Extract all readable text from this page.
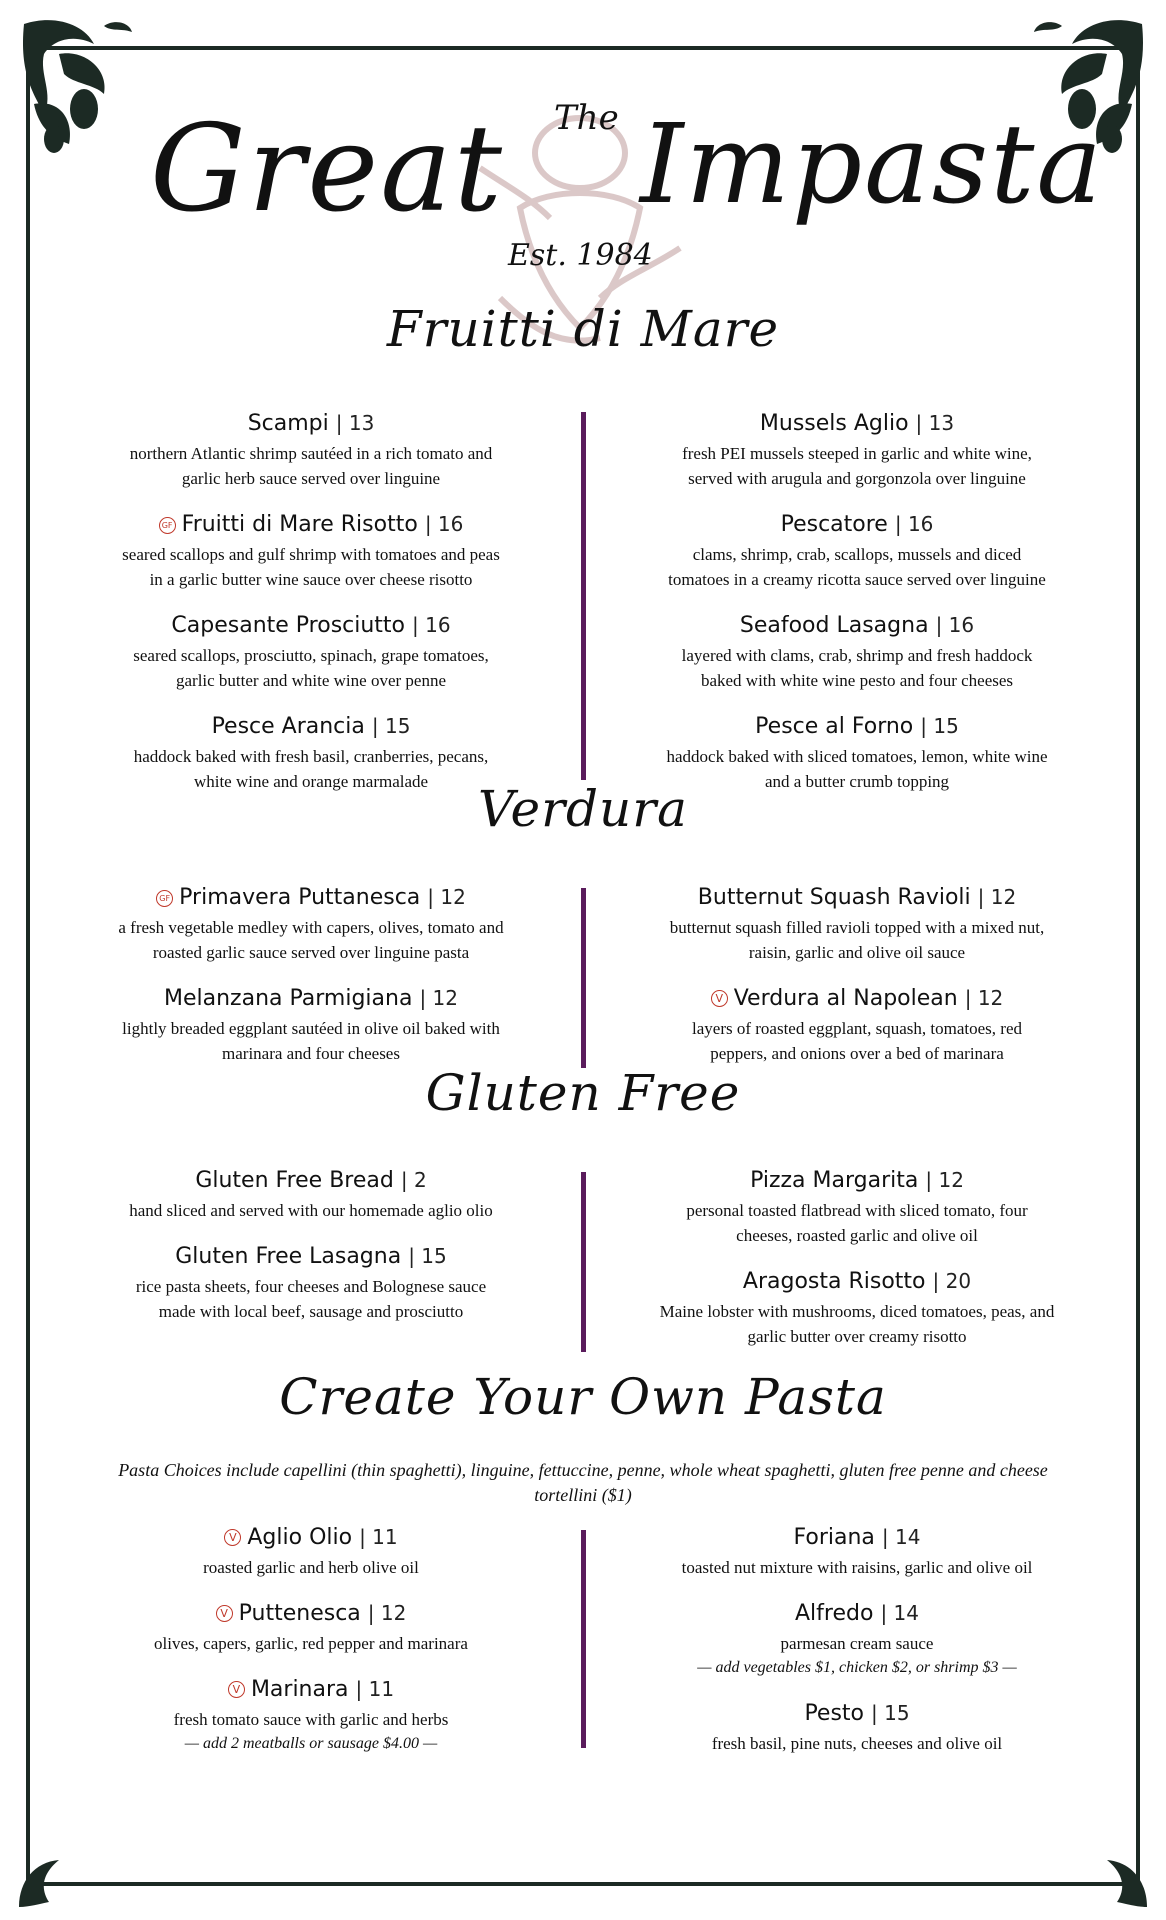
The
Great Impasta
Est. 1984
Fruitti di Mare
Scampi | 13
northern Atlantic shrimp sautéed in a rich tomato and
garlic herb sauce served over linguine
GF Fruitti di Mare Risotto | 16
seared scallops and gulf shrimp with tomatoes and peas
in a garlic butter wine sauce over cheese risotto
Capesante Prosciutto | 16
seared scallops, prosciutto, spinach, grape tomatoes,
garlic butter and white wine over penne
Pesce Arancia | 15
haddock baked with fresh basil, cranberries, pecans,
white wine and orange marmalade
Mussels Aglio | 13
fresh PEI mussels steeped in garlic and white wine,
served with arugula and gorgonzola over linguine
Pescatore | 16
clams, shrimp, crab, scallops, mussels and diced
tomatoes in a creamy ricotta sauce served over linguine
Seafood Lasagna | 16
layered with clams, crab, shrimp and fresh haddock
baked with white wine pesto and four cheeses
Pesce al Forno | 15
haddock baked with sliced tomatoes, lemon, white wine
and a butter crumb topping
Verdura
GF Primavera Puttanesca | 12
a fresh vegetable medley with capers, olives, tomato and
roasted garlic sauce served over linguine pasta
Melanzana Parmigiana | 12
lightly breaded eggplant sautéed in olive oil baked with
marinara and four cheeses
Butternut Squash Ravioli | 12
butternut squash filled ravioli topped with a mixed nut,
raisin, garlic and olive oil sauce
V Verdura al Napolean | 12
layers of roasted eggplant, squash, tomatoes, red
peppers, and onions over a bed of marinara
Gluten Free
Gluten Free Bread | 2
hand sliced and served with our homemade aglio olio
Gluten Free Lasagna | 15
rice pasta sheets, four cheeses and Bolognese sauce
made with local beef, sausage and prosciutto
Pizza Margarita | 12
personal toasted flatbread with sliced tomato, four
cheeses, roasted garlic and olive oil
Aragosta Risotto | 20
Maine lobster with mushrooms, diced tomatoes, peas, and
garlic butter over creamy risotto
Create Your Own Pasta
Pasta Choices include capellini (thin spaghetti), linguine, fettuccine, penne, whole wheat spaghetti, gluten free penne and cheese tortellini ($1)
V Aglio Olio | 11
roasted garlic and herb olive oil
V Puttenesca | 12
olives, capers, garlic, red pepper and marinara
V Marinara | 11
fresh tomato sauce with garlic and herbs
— add 2 meatballs or sausage $4.00 —
Foriana | 14
toasted nut mixture with raisins, garlic and olive oil
Alfredo | 14
parmesan cream sauce
— add vegetables $1, chicken $2, or shrimp $3 —
Pesto | 15
fresh basil, pine nuts, cheeses and olive oil
